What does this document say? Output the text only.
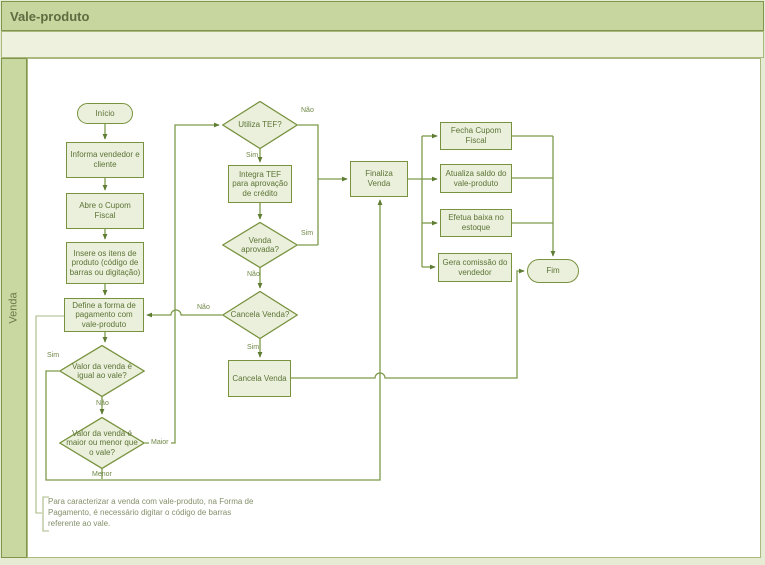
Vale-produto
Venda
Início
Informa vendedor e cliente
Abre o Cupom Fiscal
Insere os itens de produto (código de barras ou digitação)
Define a forma de pagamento com vale-produto
Valor da venda é igual ao vale?
Valor da venda é maior ou menor que o vale?
Utiliza TEF?
Integra TEF para aprovação de crédito
Venda aprovada?
Cancela Venda?
Cancela Venda
Finaliza Venda
Fecha Cupom Fiscal
Atualiza saldo do vale-produto
Efetua baixa no estoque
Gera comissão do vendedor	Fim
Sim
Não
Maior
Menor
Sim
Não
Sim
Não
Não
Sim
Para caracterizar a venda com vale-produto, na Forma de Pagamento, é necessário digitar o código de barras referente ao vale.
